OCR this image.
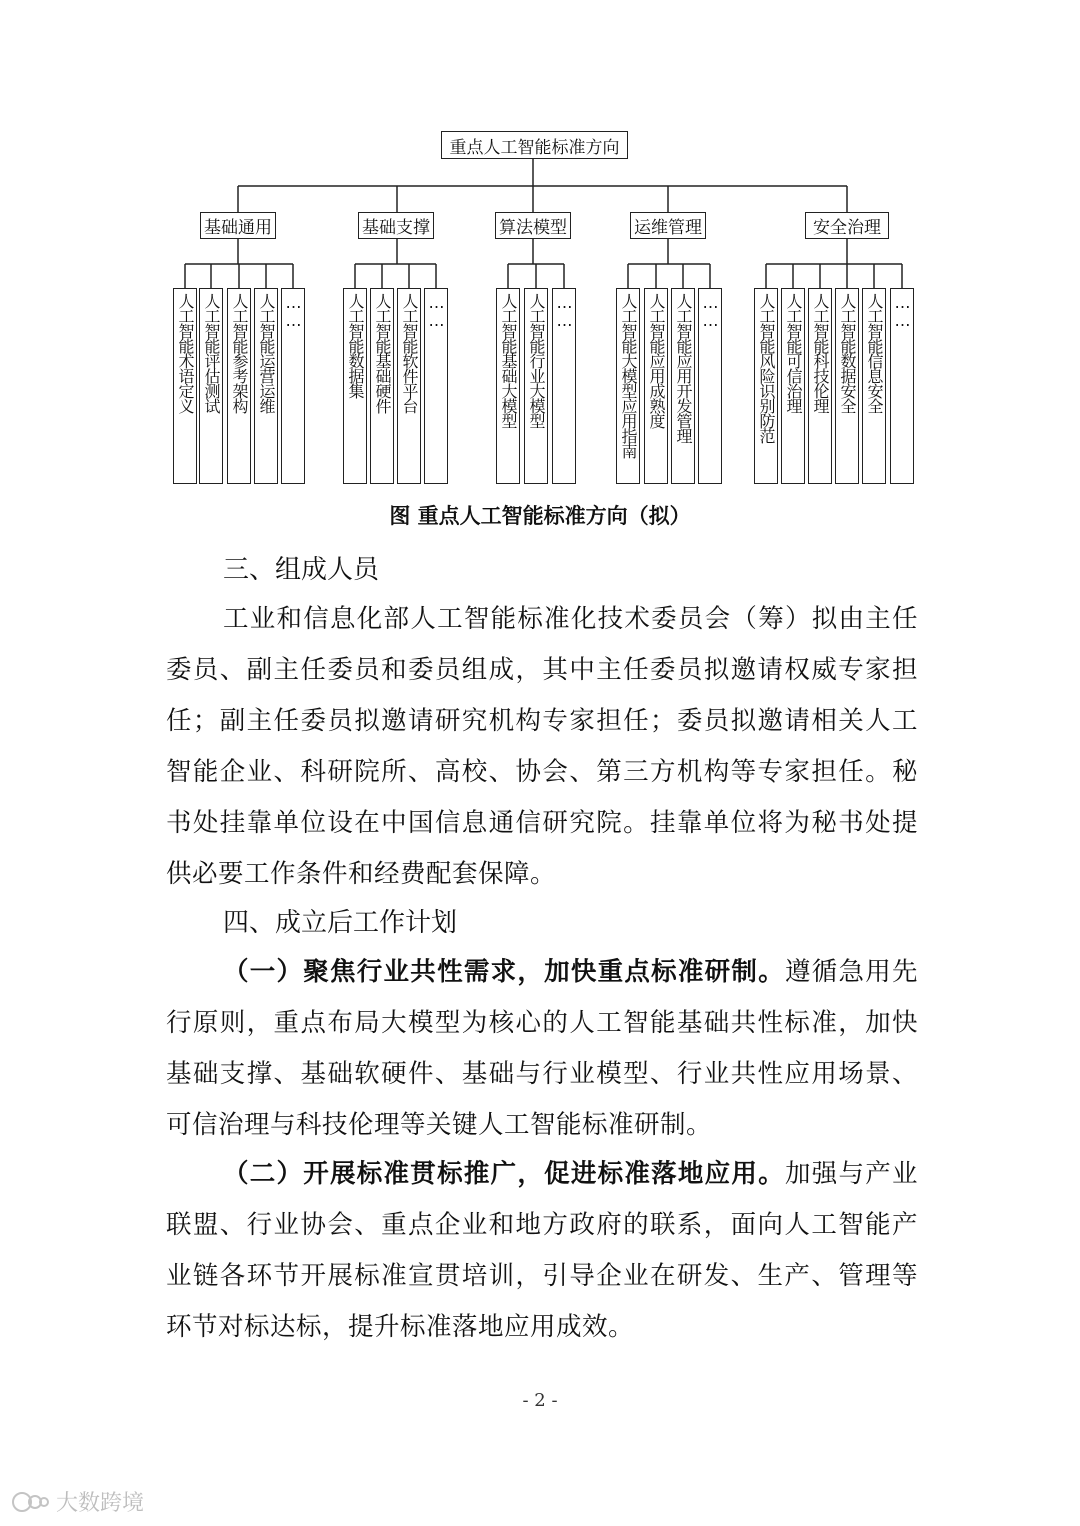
重点人工智能标准方向
基础通用	基础支撑	算法模型	运维管理	安全治理
人工智能术语定义 人工智能评估测试 人工智能参考架构 人工智能运营运维 ……	人工智能数据集 人工智能基础硬件 人工智能软件平台 ……	人工智能基础大模型 人工智能行业大模型 ……	人工智能大模型应用指南 人工智能应用成熟度 人工智能应用开发管理 …… 人工智能风险识别防范 人工智能可信治理 人工智能科技伦理 人工智能数据安全 人工智能信息安全 ……
图 重点人工智能标准方向（拟）
三、组成人员
工业和信息化部人工智能标准化技术委员会（筹）拟由主任委员、副主任委员和委员组成，其中主任委员拟邀请权威专家担任；副主任委员拟邀请研究机构专家担任；委员拟邀请相关人工智能企业、科研院所、高校、协会、第三方机构等专家担任。秘书处挂靠单位设在中国信息通信研究院。挂靠单位将为秘书处提供必要工作条件和经费配套保障。
四、成立后工作计划
（一）聚焦行业共性需求，加快重点标准研制。遵循急用先行原则，重点布局大模型为核心的人工智能基础共性标准，加快基础支撑、基础软硬件、基础与行业模型、行业共性应用场景、可信治理与科技伦理等关键人工智能标准研制。
（二）开展标准贯标推广，促进标准落地应用。加强与产业联盟、行业协会、重点企业和地方政府的联系，面向人工智能产业链各环节开展标准宣贯培训，引导企业在研发、生产、管理等环节对标达标，提升标准落地应用成效。
- 2 -
大数跨境
